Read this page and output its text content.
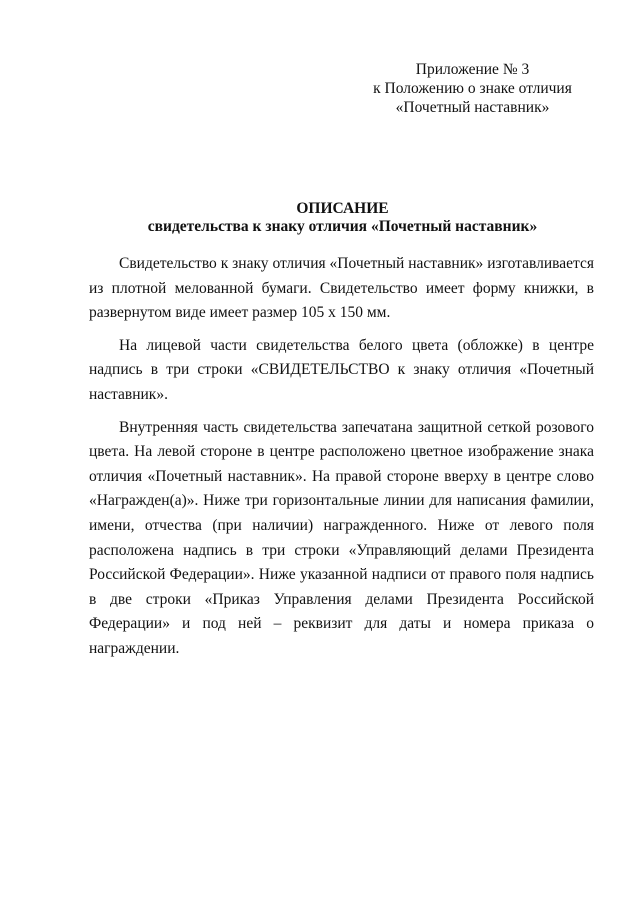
Приложение № 3
к Положению о знаке отличия
«Почетный наставник»
ОПИСАНИЕ
свидетельства к знаку отличия «Почетный наставник»

Свидетельство к знаку отличия «Почетный наставник» изготавливается из плотной мелованной бумаги. Свидетельство имеет форму книжки, в развернутом виде имеет размер 105 х 150 мм.

На лицевой части свидетельства белого цвета (обложке) в центре надпись в три строки «СВИДЕТЕЛЬСТВО к знаку отличия «Почетный наставник».

Внутренняя часть свидетельства запечатана защитной сеткой розового цвета. На левой стороне в центре расположено цветное изображение знака отличия «Почетный наставник». На правой стороне вверху в центре слово «Награжден(а)». Ниже три горизонтальные линии для написания фамилии, имени, отчества (при наличии) награжденного. Ниже от левого поля расположена надпись в три строки «Управляющий делами Президента Российской Федерации». Ниже указанной надписи от правого поля надпись в две строки «Приказ Управления делами Президента Российской Федерации» и под ней – реквизит для даты и номера приказа о награждении.
